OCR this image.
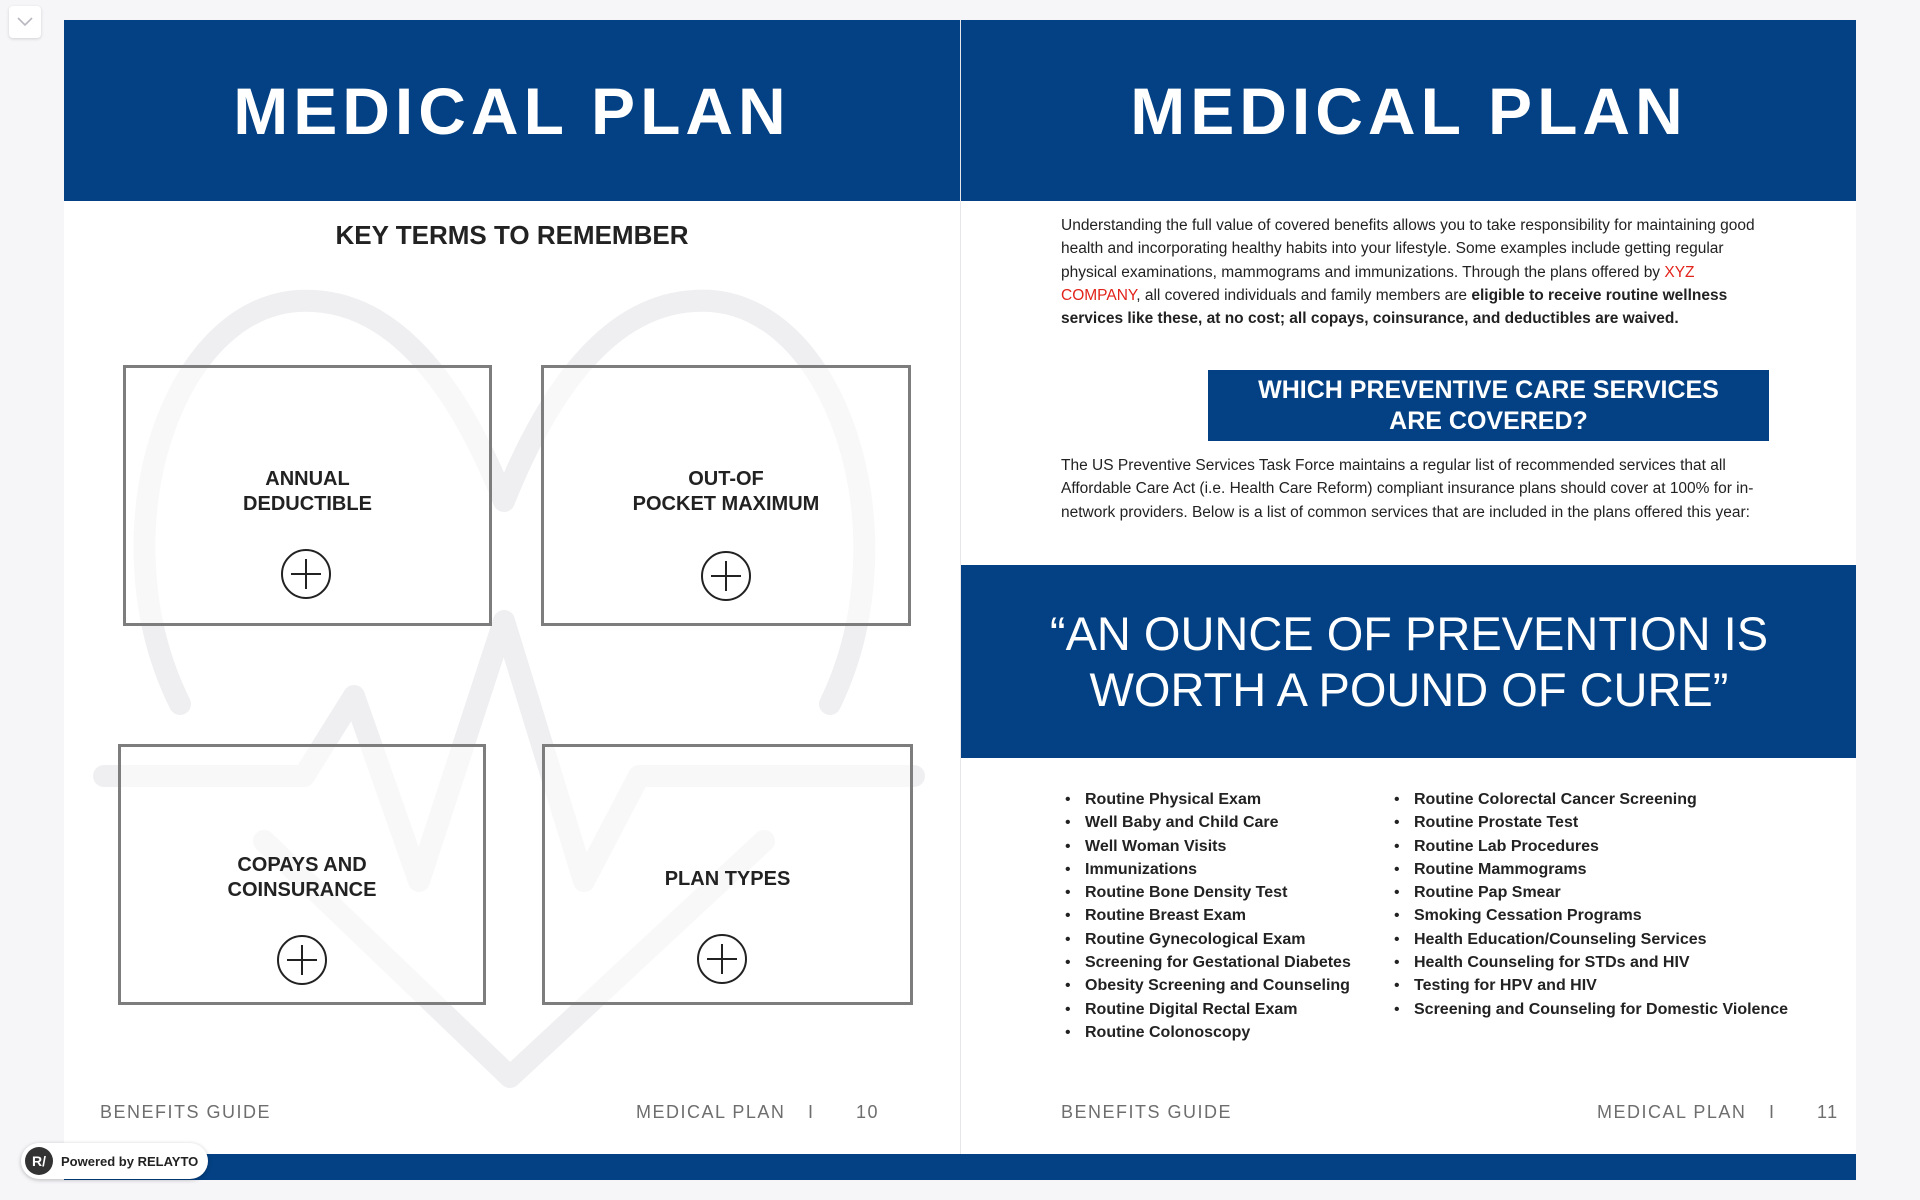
MEDICAL PLAN
KEY TERMS TO REMEMBER
ANNUAL
DEDUCTIBLE
OUT-OF
POCKET MAXIMUM
COPAYS AND
COINSURANCE	PLAN TYPES
BENEFITS GUIDE	MEDICAL PLAN I 10
MEDICAL PLAN
Understanding the full value of covered benefits allows you to take responsibility for maintaining good health and incorporating healthy habits into your lifestyle. Some examples include getting regular physical examinations, mammograms and immunizations. Through the plans offered by XYZ COMPANY, all covered individuals and family members are eligible to receive routine wellness services like these, at no cost; all copays, coinsurance, and deductibles are waived.
WHICH PREVENTIVE CARE SERVICES
ARE COVERED?
The US Preventive Services Task Force maintains a regular list of recommended services that all Affordable Care Act (i.e. Health Care Reform) compliant insurance plans should cover at 100% for in-network providers. Below is a list of common services that are included in the plans offered this year:
“AN OUNCE OF PREVENTION IS
WORTH A POUND OF CURE”
• Routine Physical Exam
• Well Baby and Child Care
• Well Woman Visits
• Immunizations
• Routine Bone Density Test
• Routine Breast Exam
• Routine Gynecological Exam
• Screening for Gestational Diabetes
• Obesity Screening and Counseling
• Routine Digital Rectal Exam
• Routine Colonoscopy
• Routine Colorectal Cancer Screening
• Routine Prostate Test
• Routine Lab Procedures
• Routine Mammograms
• Routine Pap Smear
• Smoking Cessation Programs
• Health Education/Counseling Services
• Health Counseling for STDs and HIV
• Testing for HPV and HIV
• Screening and Counseling for Domestic Violence
BENEFITS GUIDE	MEDICAL PLAN I 11
R/	Powered by RELAYTO
